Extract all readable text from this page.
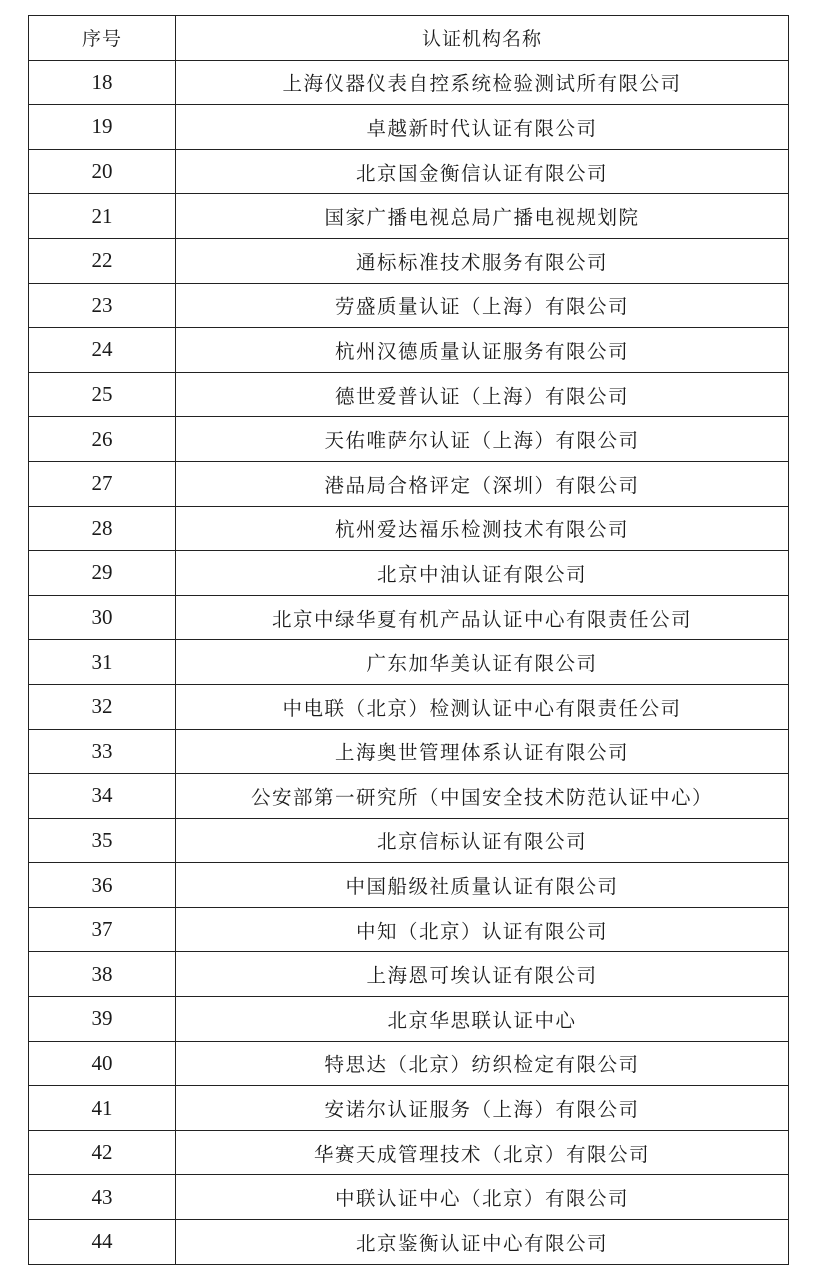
序号	认证机构名称
18	上海仪器仪表自控系统检验测试所有限公司
19	卓越新时代认证有限公司
20	北京国金衡信认证有限公司
21	国家广播电视总局广播电视规划院
22	通标标准技术服务有限公司
23	劳盛质量认证（上海）有限公司
24	杭州汉德质量认证服务有限公司
25	德世爱普认证（上海）有限公司
26	天佑唯萨尔认证（上海）有限公司
27	港品局合格评定（深圳）有限公司
28	杭州爱达福乐检测技术有限公司
29	北京中油认证有限公司
30	北京中绿华夏有机产品认证中心有限责任公司
31	广东加华美认证有限公司
32	中电联（北京）检测认证中心有限责任公司
33	上海奥世管理体系认证有限公司
34	公安部第一研究所（中国安全技术防范认证中心）
35	北京信标认证有限公司
36	中国船级社质量认证有限公司
37	中知（北京）认证有限公司
38	上海恩可埃认证有限公司
39	北京华思联认证中心
40	特思达（北京）纺织检定有限公司
41	安诺尔认证服务（上海）有限公司
42	华赛天成管理技术（北京）有限公司
43	中联认证中心（北京）有限公司
44	北京鉴衡认证中心有限公司
